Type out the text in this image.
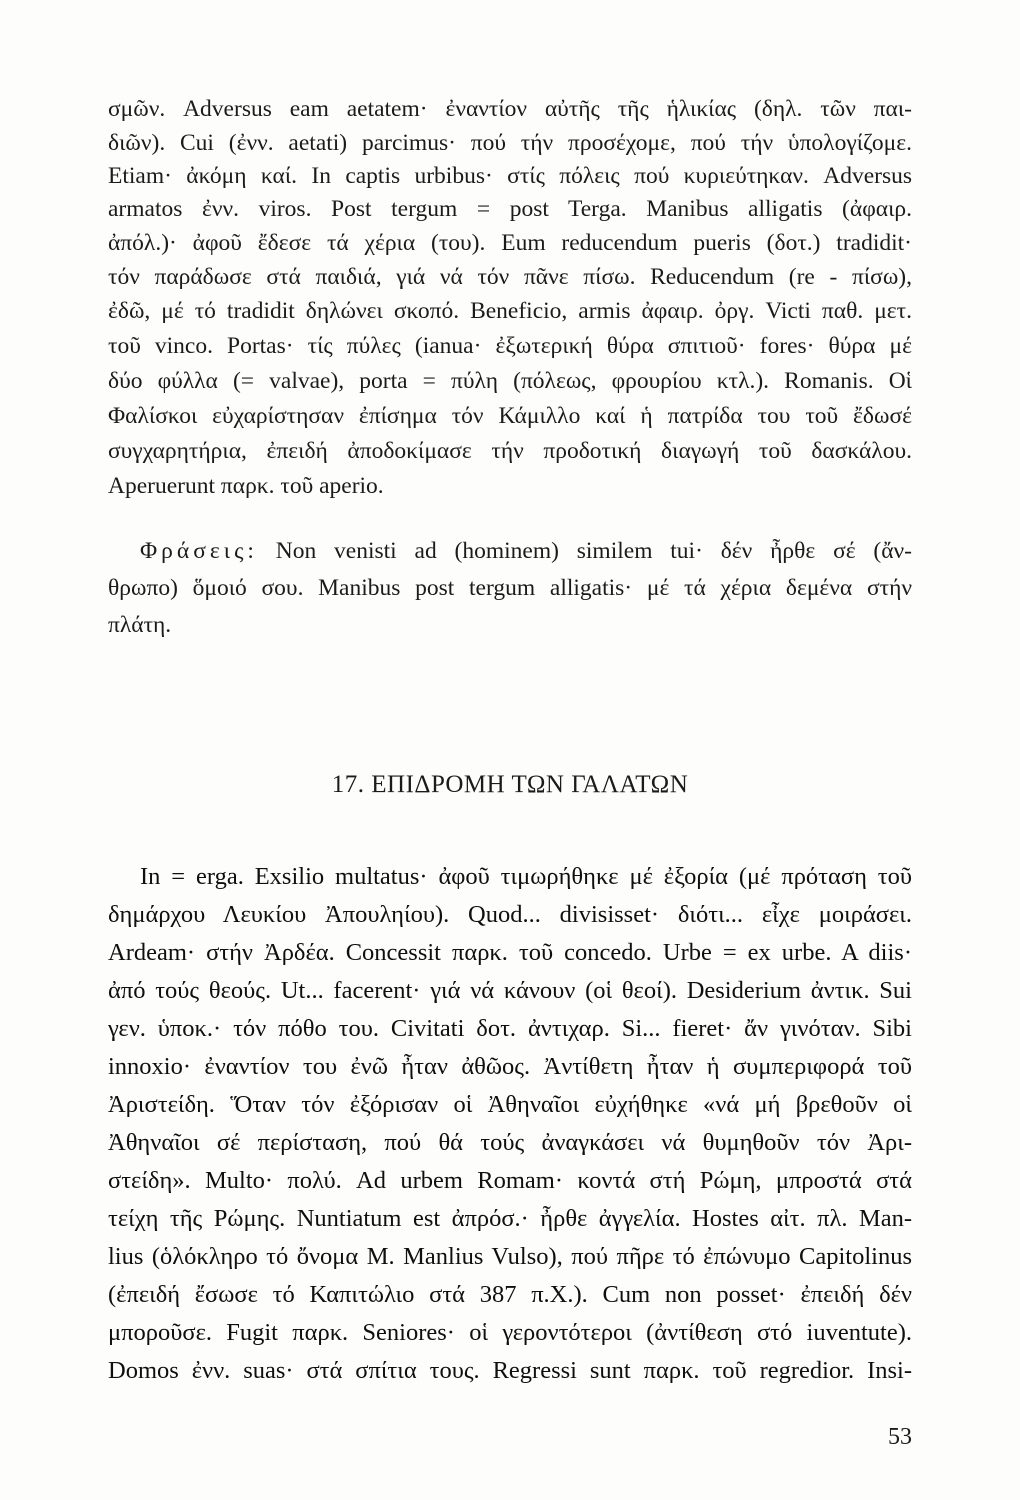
σμῶν. Adversus eam aetatem· ἐναντίον αὐτῆς τῆς ἡλικίας (δηλ. τῶν παι-
διῶν). Cui (ἐνν. aetati) parcimus· πού τήν προσέχομε, πού τήν ὑπολογίζομε.
Etiam· ἀκόμη καί. In captis urbibus· στίς πόλεις πού κυριεύτηκαν. Adversus
armatos ἐνν. viros. Post tergum = post Terga. Manibus alligatis (ἀφαιρ.
ἀπόλ.)· ἀφοῦ ἔδεσε τά χέρια (του). Eum reducendum pueris (δοτ.) tradidit·
τόν παράδωσε στά παιδιά, γιά νά τόν πᾶνε πίσω. Reducendum (re - πίσω),
ἐδῶ, μέ τό tradidit δηλώνει σκοπό. Beneficio, armis ἀφαιρ. ὀργ. Victi παθ. μετ.
τοῦ vinco. Portas· τίς πύλες (ianua· ἐξωτερική θύρα σπιτιοῦ· fores· θύρα μέ
δύο φύλλα (= valvae), porta = πύλη (πόλεως, φρουρίου κτλ.). Romanis. Οἱ
Φαλίσκοι εὐχαρίστησαν ἐπίσημα τόν Κάμιλλο καί ἡ πατρίδα του τοῦ ἔδωσέ
συγχαρητήρια, ἐπειδή ἀποδοκίμασε τήν προδοτική διαγωγή τοῦ δασκάλου.
Aperuerunt παρκ. τοῦ aperio.
Φράσεις: Non venisti ad (hominem) similem tui· δέν ἦρθε σέ (ἄν-
θρωπο) ὅμοιό σου. Manibus post tergum alligatis· μέ τά χέρια δεμένα στήν
πλάτη.
17. ΕΠΙΔΡΟΜΗ ΤΩΝ ΓΑΛΑΤΩΝ
In = erga. Exsilio multatus· ἀφοῦ τιμωρήθηκε μέ ἐξορία (μέ πρόταση τοῦ
δημάρχου Λευκίου Ἀπουληίου). Quod... divisisset· διότι... εἶχε μοιράσει.
Ardeam· στήν Ἀρδέα. Concessit παρκ. τοῦ concedo. Urbe = ex urbe. A diis·
ἀπό τούς θεούς. Ut... facerent· γιά νά κάνουν (οἱ θεοί). Desiderium ἀντικ. Sui
γεν. ὑποκ.· τόν πόθο του. Civitati δοτ. ἀντιχαρ. Si... fieret· ἄν γινόταν. Sibi
innoxio· ἐναντίον του ἐνῶ ἦταν ἀθῶος. Ἀντίθετη ἦταν ἡ συμπεριφορά τοῦ
Ἀριστείδη. Ὅταν τόν ἐξόρισαν οἱ Ἀθηναῖοι εὐχήθηκε «νά μή βρεθοῦν οἱ
Ἀθηναῖοι σέ περίσταση, πού θά τούς ἀναγκάσει νά θυμηθοῦν τόν Ἀρι-
στείδη». Multo· πολύ. Ad urbem Romam· κοντά στή Ρώμη, μπροστά στά
τείχη τῆς Ρώμης. Nuntiatum est ἀπρόσ.· ἦρθε ἀγγελία. Hostes αἰτ. πλ. Man-
lius (ὁλόκληρο τό ὄνομα M. Manlius Vulso), πού πῆρε τό ἐπώνυμο Capitolinus
(ἐπειδή ἔσωσε τό Καπιτώλιο στά 387 π.Χ.). Cum non posset· ἐπειδή δέν
μποροῦσε. Fugit παρκ. Seniores· οἱ γεροντότεροι (ἀντίθεση στό iuventute).
Domos ἐνν. suas· στά σπίτια τους. Regressi sunt παρκ. τοῦ regredior. Insi-
53
